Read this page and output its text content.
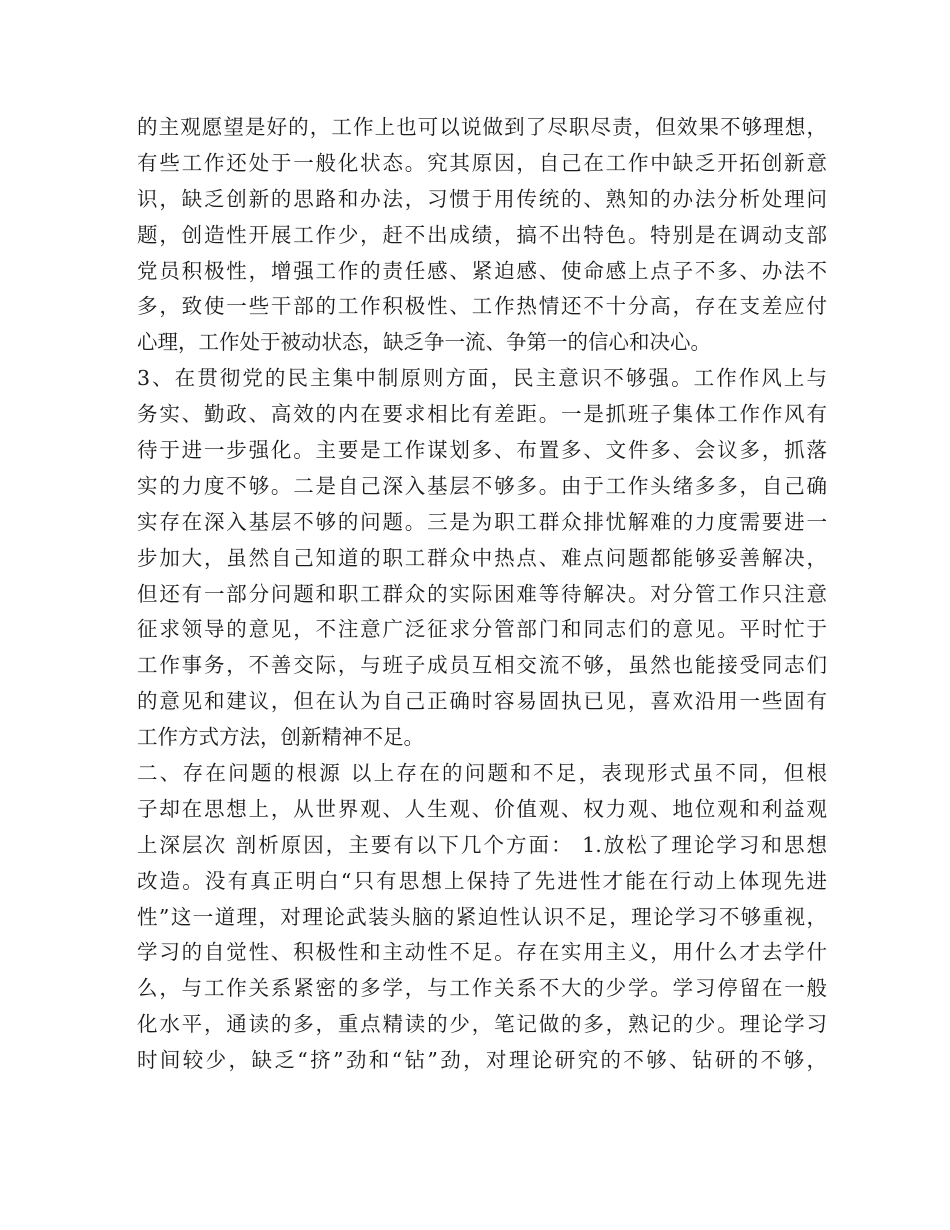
的主观愿望是好的，工作上也可以说做到了尽职尽责，但效果不够理想，
有些工作还处于一般化状态。究其原因，自己在工作中缺乏开拓创新意
识，缺乏创新的思路和办法，习惯于用传统的、熟知的办法分析处理问
题，创造性开展工作少，赶不出成绩，搞不出特色。特别是在调动支部
党员积极性，增强工作的责任感、紧迫感、使命感上点子不多、办法不
多，致使一些干部的工作积极性、工作热情还不十分高，存在支差应付
心理，工作处于被动状态，缺乏争一流、争第一的信心和决心。
3、在贯彻党的民主集中制原则方面，民主意识不够强。工作作风上与
务实、勤政、高效的内在要求相比有差距。一是抓班子集体工作作风有
待于进一步强化。主要是工作谋划多、布置多、文件多、会议多，抓落
实的力度不够。二是自己深入基层不够多。由于工作头绪多多，自己确
实存在深入基层不够的问题。三是为职工群众排忧解难的力度需要进一
步加大，虽然自己知道的职工群众中热点、难点问题都能够妥善解决，
但还有一部分问题和职工群众的实际困难等待解决。对分管工作只注意
征求领导的意见，不注意广泛征求分管部门和同志们的意见。平时忙于
工作事务，不善交际，与班子成员互相交流不够，虽然也能接受同志们
的意见和建议，但在认为自己正确时容易固执已见，喜欢沿用一些固有
工作方式方法，创新精神不足。
二、存在问题的根源 以上存在的问题和不足，表现形式虽不同，但根
子却在思想上，从世界观、人生观、价值观、权力观、地位观和利益观
上深层次 剖析原因，主要有以下几个方面： 1.放松了理论学习和思想
改造。没有真正明白“只有思想上保持了先进性才能在行动上体现先进
性”这一道理，对理论武装头脑的紧迫性认识不足，理论学习不够重视，
学习的自觉性、积极性和主动性不足。存在实用主义，用什么才去学什
么，与工作关系紧密的多学，与工作关系不大的少学。学习停留在一般
化水平，通读的多，重点精读的少，笔记做的多，熟记的少。理论学习
时间较少，缺乏“挤”劲和“钻”劲，对理论研究的不够、钻研的不够，
